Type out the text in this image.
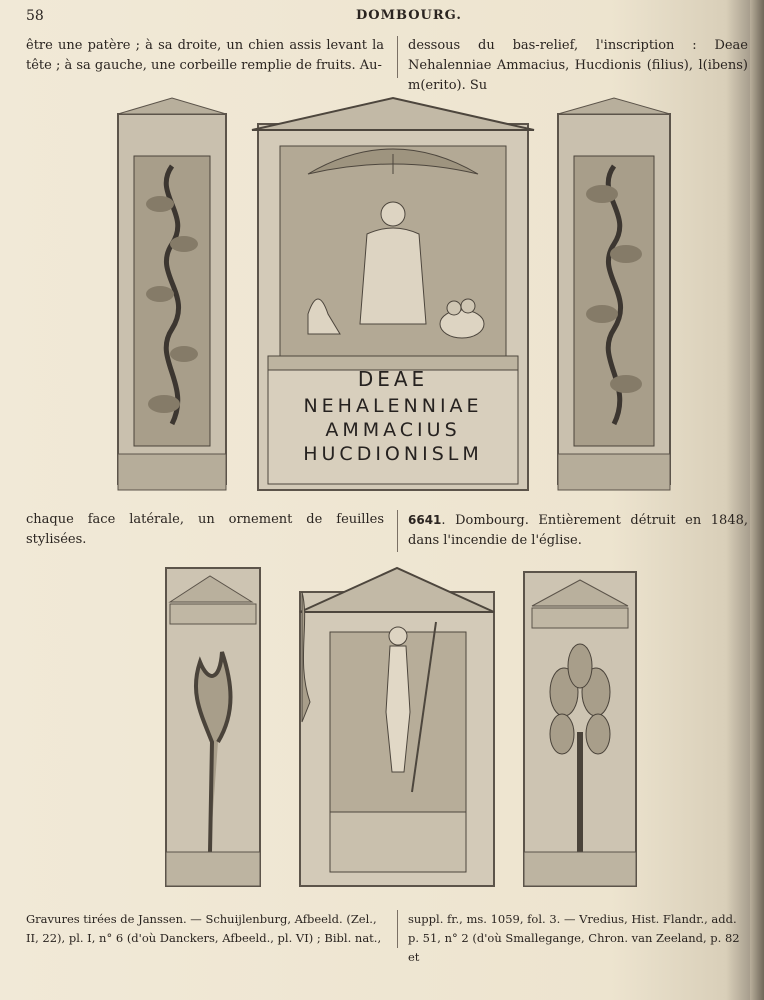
58	DOMBOURG.
être une patère ; à sa droite, un chien assis levant la tête ; à sa gauche, une corbeille remplie de fruits. Au-
dessous du bas-relief, l'inscription : Deae Nehalenniae Ammacius, Hucdionis (filius), l(ibens) m(erito). Su
DEAE
NEHALENNIAE
AMMACIUS
HUCDIONISLM
chaque face latérale, un ornement de feuilles stylisées.
6641. Dombourg. Entièrement détruit en 1848, dans l'incendie de l'église.
Gravures tirées de Janssen. — Schuijlenburg, Afbeeld. (Zel., II, 22), pl. I, n° 6 (d'où Danckers, Afbeeld., pl. VI) ; Bibl. nat.,
suppl. fr., ms. 1059, fol. 3. — Vredius, Hist. Flandr., add. p. 51, n° 2 (d'où Smallegange, Chron. van Zeeland, p. 82 et
